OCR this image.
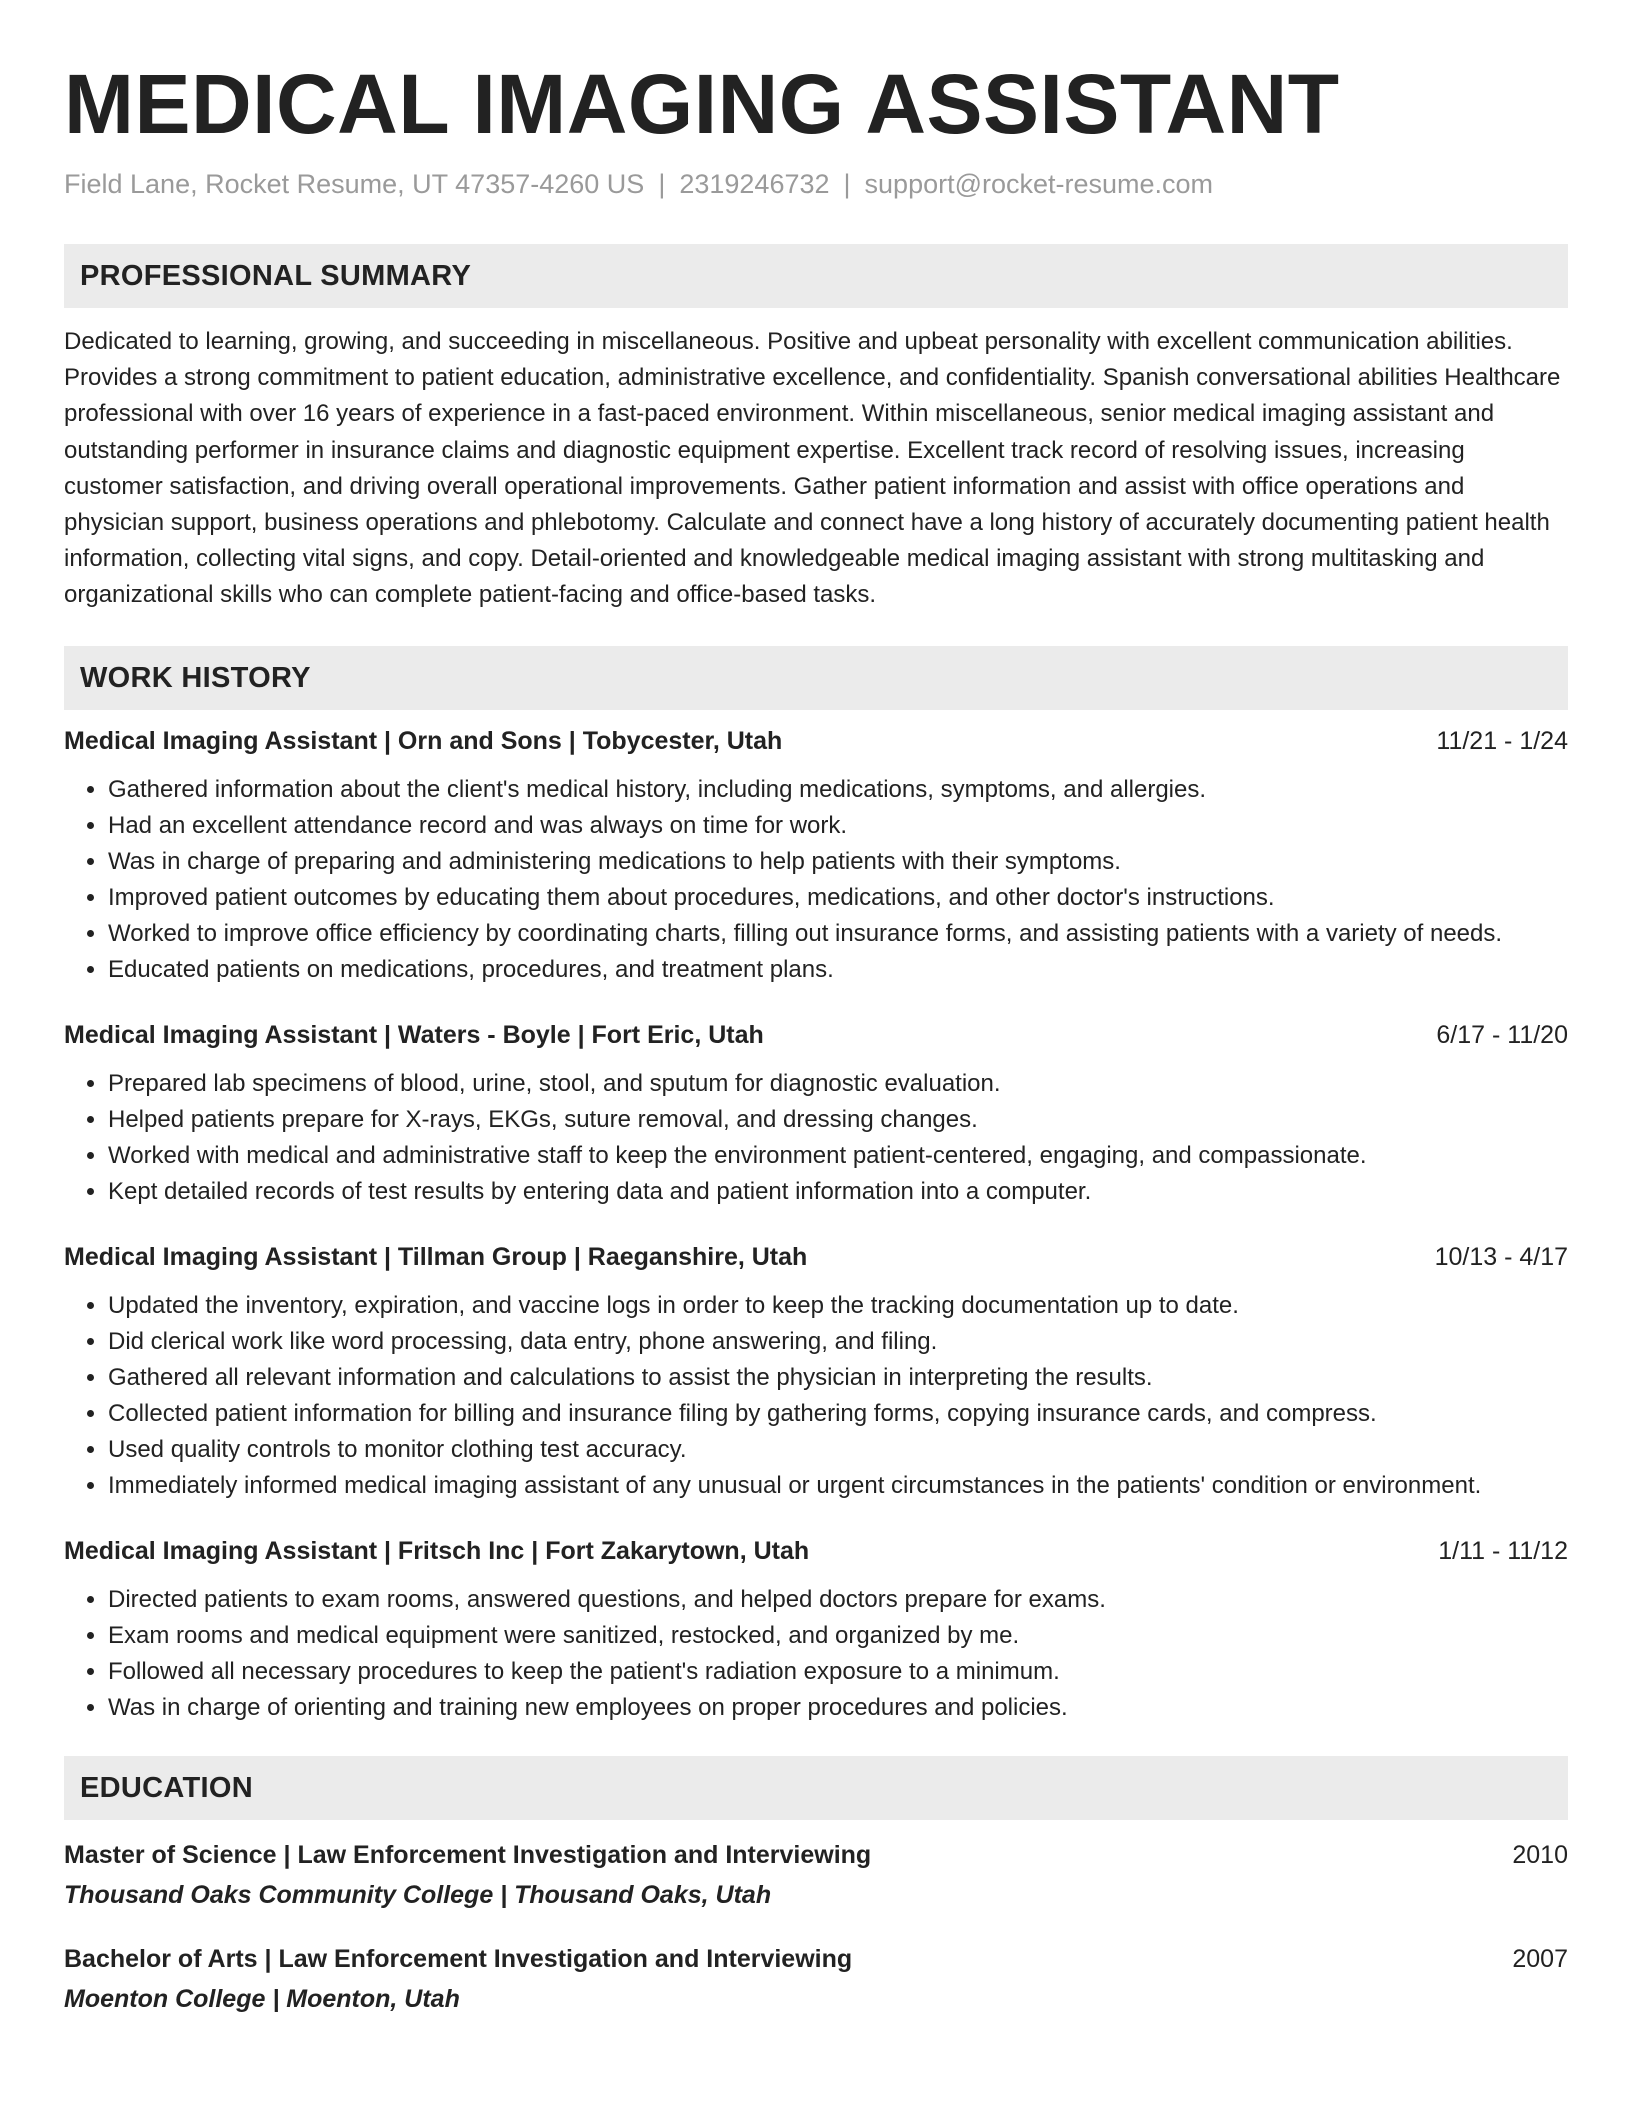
MEDICAL IMAGING ASSISTANT
Field Lane, Rocket Resume, UT 47357-4260 US | 2319246732 | support@rocket-resume.com
PROFESSIONAL SUMMARY
Dedicated to learning, growing, and succeeding in miscellaneous. Positive and upbeat personality with excellent communication abilities. Provides a strong commitment to patient education, administrative excellence, and confidentiality. Spanish conversational abilities Healthcare professional with over 16 years of experience in a fast-paced environment. Within miscellaneous, senior medical imaging assistant and outstanding performer in insurance claims and diagnostic equipment expertise. Excellent track record of resolving issues, increasing customer satisfaction, and driving overall operational improvements. Gather patient information and assist with office operations and physician support, business operations and phlebotomy. Calculate and connect have a long history of accurately documenting patient health information, collecting vital signs, and copy. Detail-oriented and knowledgeable medical imaging assistant with strong multitasking and organizational skills who can complete patient-facing and office-based tasks.
WORK HISTORY
Medical Imaging Assistant | Orn and Sons | Tobycester, Utah	11/21 - 1/24
• Gathered information about the client's medical history, including medications, symptoms, and allergies.
• Had an excellent attendance record and was always on time for work.
• Was in charge of preparing and administering medications to help patients with their symptoms.
• Improved patient outcomes by educating them about procedures, medications, and other doctor's instructions.
• Worked to improve office efficiency by coordinating charts, filling out insurance forms, and assisting patients with a variety of needs.
• Educated patients on medications, procedures, and treatment plans.
Medical Imaging Assistant | Waters - Boyle | Fort Eric, Utah	6/17 - 11/20
• Prepared lab specimens of blood, urine, stool, and sputum for diagnostic evaluation.
• Helped patients prepare for X-rays, EKGs, suture removal, and dressing changes.
• Worked with medical and administrative staff to keep the environment patient-centered, engaging, and compassionate.
• Kept detailed records of test results by entering data and patient information into a computer.
Medical Imaging Assistant | Tillman Group | Raeganshire, Utah	10/13 - 4/17
• Updated the inventory, expiration, and vaccine logs in order to keep the tracking documentation up to date.
• Did clerical work like word processing, data entry, phone answering, and filing.
• Gathered all relevant information and calculations to assist the physician in interpreting the results.
• Collected patient information for billing and insurance filing by gathering forms, copying insurance cards, and compress.
• Used quality controls to monitor clothing test accuracy.
• Immediately informed medical imaging assistant of any unusual or urgent circumstances in the patients' condition or environment.
Medical Imaging Assistant | Fritsch Inc | Fort Zakarytown, Utah	1/11 - 11/12
• Directed patients to exam rooms, answered questions, and helped doctors prepare for exams.
• Exam rooms and medical equipment were sanitized, restocked, and organized by me.
• Followed all necessary procedures to keep the patient's radiation exposure to a minimum.
• Was in charge of orienting and training new employees on proper procedures and policies.
EDUCATION
Master of Science | Law Enforcement Investigation and Interviewing	2010
Thousand Oaks Community College | Thousand Oaks, Utah
Bachelor of Arts | Law Enforcement Investigation and Interviewing	2007
Moenton College | Moenton, Utah
